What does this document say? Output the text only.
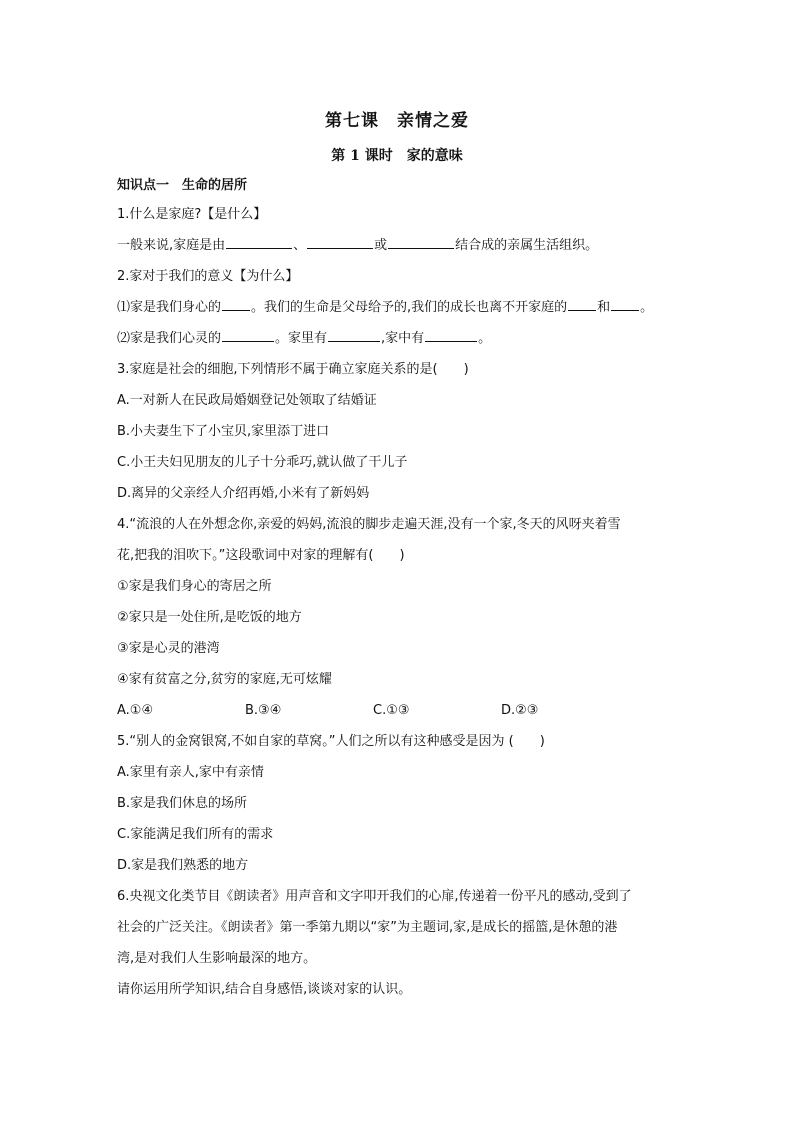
第七课　亲情之爱
第 1 课时　家的意味
知识点一　生命的居所
1.什么是家庭?【是什么】
一般来说,家庭是由	、	或	结合成的亲属生活组织。
2.家对于我们的意义【为什么】
⑴家是我们身心的 。我们的生命是父母给予的,我们的成长也离不开家庭的 和 。
⑵家是我们心灵的	。家里有	,家中有	。
3.家庭是社会的细胞,下列情形不属于确立家庭关系的是(　　)
A.一对新人在民政局婚姻登记处领取了结婚证
B.小夫妻生下了小宝贝,家里添丁进口
C.小王夫妇见朋友的儿子十分乖巧,就认做了干儿子
D.离异的父亲经人介绍再婚,小米有了新妈妈
4.“流浪的人在外想念你,亲爱的妈妈,流浪的脚步走遍天涯,没有一个家,冬天的风呀夹着雪
花,把我的泪吹下。”这段歌词中对家的理解有(　　)
①家是我们身心的寄居之所
②家只是一处住所,是吃饭的地方
③家是心灵的港湾
④家有贫富之分,贫穷的家庭,无可炫耀
A.①④	B.③④	C.①③	D.②③
5.“别人的金窝银窝,不如自家的草窝。”人们之所以有这种感受是因为 (　　)
A.家里有亲人,家中有亲情
B.家是我们休息的场所
C.家能满足我们所有的需求
D.家是我们熟悉的地方
6.央视文化类节目《朗读者》用声音和文字叩开我们的心扉,传递着一份平凡的感动,受到了
社会的广泛关注。《朗读者》第一季第九期以“家”为主题词,家,是成长的摇篮,是休憩的港
湾,是对我们人生影响最深的地方。
请你运用所学知识,结合自身感悟,谈谈对家的认识。
